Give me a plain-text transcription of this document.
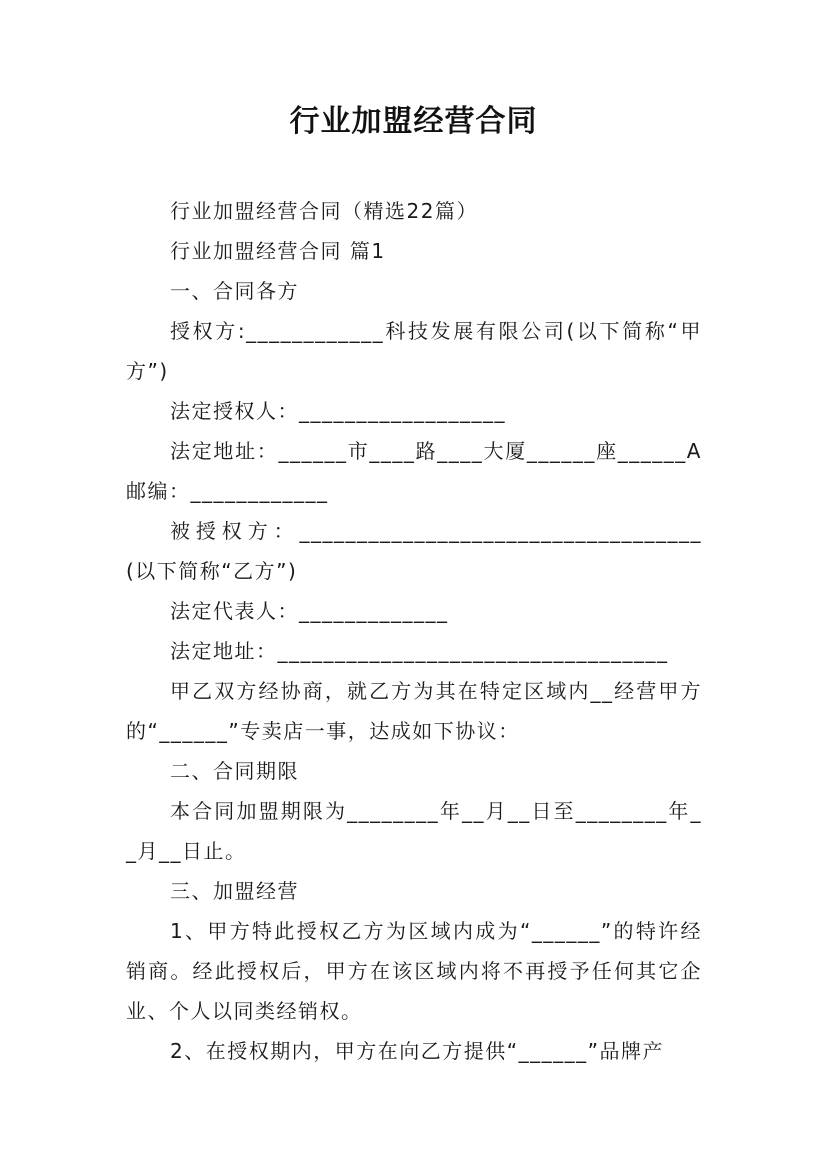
行业加盟经营合同

行业加盟经营合同（精选22篇）

行业加盟经营合同 篇1

一、合同各方

授权方:____________科技发展有限公司(以下简称“甲方”)

法定授权人：__________________

法定地址：______市____路____大厦______座______A邮编：____________

被授权方：___________________________________(以下简称“乙方”)

法定代表人：_____________

法定地址：__________________________________

甲乙双方经协商，就乙方为其在特定区域内__经营甲方的“______”专卖店一事，达成如下协议：

二、合同期限

本合同加盟期限为________年__月__日至________年__月__日止。

三、加盟经营

1、甲方特此授权乙方为区域内成为“______”的特许经销商。经此授权后，甲方在该区域内将不再授予任何其它企业、个人以同类经销权。

2、在授权期内，甲方在向乙方提供“______”品牌产
